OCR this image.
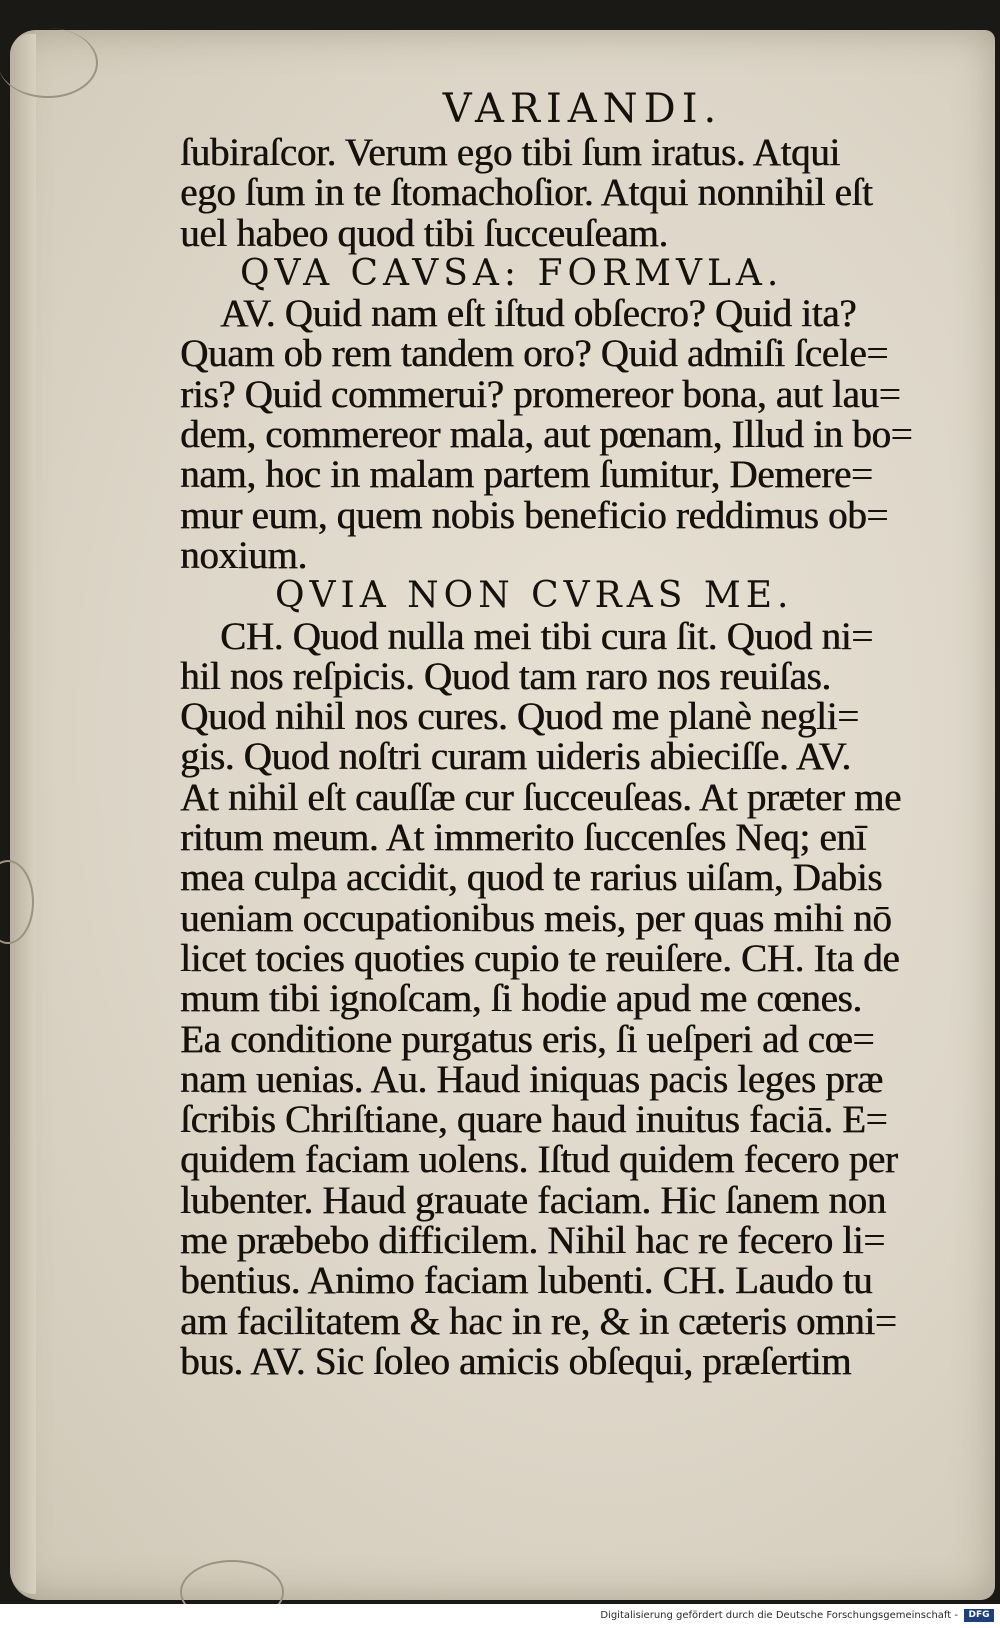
VARIANDI.
ſubiraſcor. Verum ego tibi ſum iratus. Atqui
ego ſum in te ſtomachoſior. Atqui nonnihil eſt
uel habeo quod tibi ſucceuſeam.
QVA CAVSA: FORMVLA.
AV. Quid nam eſt iſtud obſecro? Quid ita?
Quam ob rem tandem oro? Quid admiſi ſcele=
ris? Quid commerui? promereor bona, aut lau=
dem, commereor mala, aut pœnam, Illud in bo=
nam, hoc in malam partem ſumitur, Demere=
mur eum, quem nobis beneficio reddimus ob=
noxium.
QVIA NON CVRAS ME.
CH. Quod nulla mei tibi cura ſit. Quod ni=
hil nos reſpicis. Quod tam raro nos reuiſas.
Quod nihil nos cures. Quod me planè negli=
gis. Quod noſtri curam uideris abieciſſe. AV.
At nihil eſt cauſſæ cur ſucceuſeas. At præter me
ritum meum. At immerito ſuccenſes Neq; enī
mea culpa accidit, quod te rarius uiſam, Dabis
ueniam occupationibus meis, per quas mihi nō
licet tocies quoties cupio te reuiſere. CH. Ita de
mum tibi ignoſcam, ſi hodie apud me cœnes.
Ea conditione purgatus eris, ſi ueſperi ad cœ=
nam uenias. Au. Haud iniquas pacis leges præ
ſcribis Chriſtiane, quare haud inuitus faciā. E=
quidem faciam uolens. Iſtud quidem fecero per
lubenter. Haud grauate faciam. Hic ſanem non
me præbebo difficilem. Nihil hac re fecero li=
bentius. Animo faciam lubenti. CH. Laudo tu
am facilitatem & hac in re, & in cæteris omni=
bus. AV. Sic ſoleo amicis obſequi, præſertim
Digitalisierung gefördert durch die Deutsche Forschungsgemeinschaft -	DFG
